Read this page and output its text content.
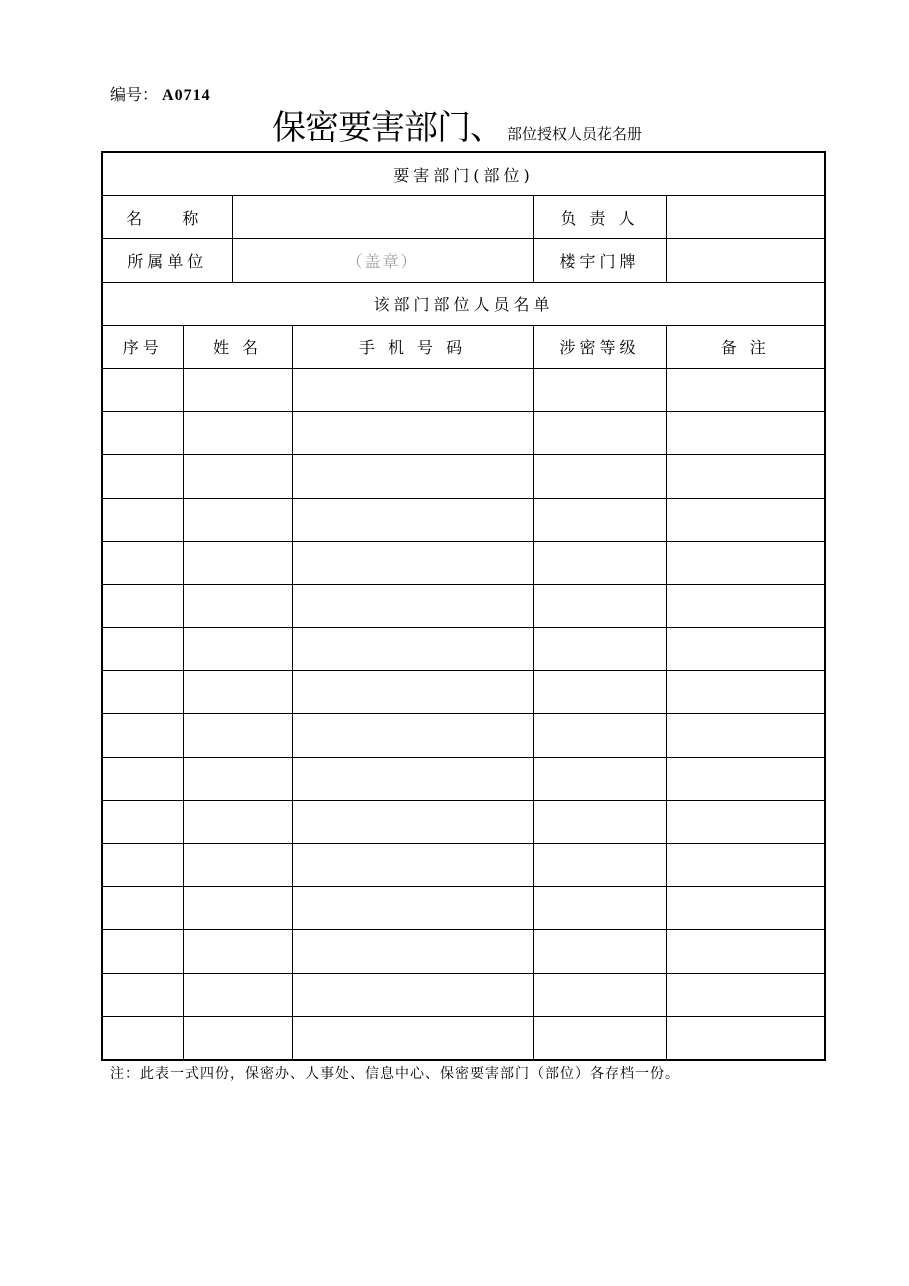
编号： A0714
保密要害部门、 部位授权人员花名册
要害部门(部位)					
名  称				负 责 人	
所属单位		（盖章）		楼宇门牌	
该部门部位人员名单					
序号	姓 名		手 机 号 码	涉密等级	备 注

注：此表一式四份，保密办、人事处、信息中心、保密要害部门（部位）各存档一份。
